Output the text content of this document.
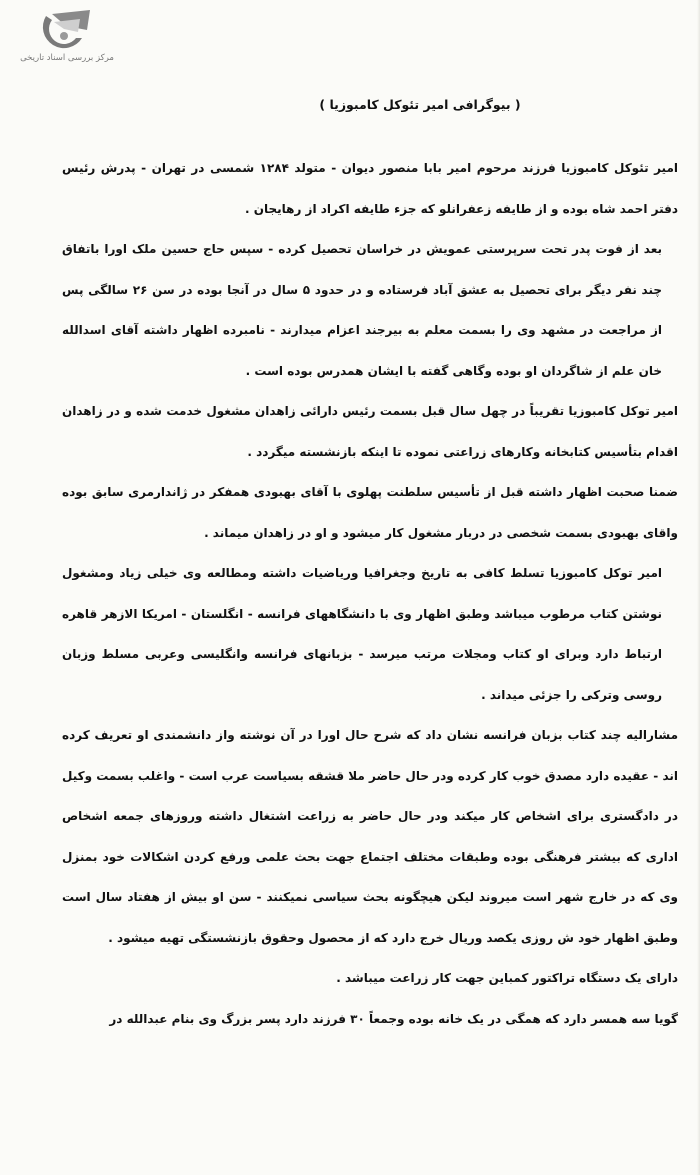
مرکز بررسی اسناد تاریخی
( بیوگرافی امیر تئوکل کامبوزیا )

امیر تئوکل کامبوزیا فرزند مرحوم امیر بابا منصور دیوان - متولد ۱۲۸۴ شمسی در تهران - پدرش رئیس دفتر احمد شاه بوده و از طایفه زعفرانلو که جزء طایفه اکراد از رهایجان .

بعد از فوت پدر تحت سرپرستی عمویش در خراسان تحصیل کرده - سپس حاج حسین ملک اورا باتفاق چند نفر دیگر برای تحصیل به عشق آباد فرستاده و در حدود ۵ سال در آنجا بوده در سن ۲۶ سالگی پس از مراجعت در مشهد وی را بسمت معلم به بیرجند اعزام میدارند - نامبرده اظهار داشته آقای اسدالله خان علم از شاگردان او بوده وگاهی گفته با ایشان همدرس بوده است .

امیر توکل کامبوزیا تقریباً در چهل سال قبل بسمت رئیس دارائی زاهدان مشغول خدمت شده و در زاهدان اقدام بتأسیس کتابخانه وکارهای زراعتی نموده تا اینکه بازنشسته میگردد .

ضمنا صحبت اظهار داشته قبل از تأسیس سلطنت پهلوی با آقای بهبودی همفکر در ژاندارمری سابق بوده واقای بهبودی بسمت شخصی در دربار مشغول کار میشود و او در زاهدان میماند .

امیر توکل کامبوزیا تسلط کافی به تاریخ وجغرافیا وریاضیات داشته ومطالعه وی خیلی زیاد ومشغول نوشتن کتاب مرطوب میباشد وطبق اظهار وی با دانشگاههای فرانسه - انگلستان - امریکا الازهر قاهره ارتباط دارد وبرای او کتاب ومجلات مرتب میرسد - بزبانهای فرانسه وانگلیسی وعربی مسلط وزبان روسی وترکی را جزئی میداند .

مشارالیه چند کتاب بزبان فرانسه نشان داد که شرح حال اورا در آن نوشته واز دانشمندی او تعریف کرده اند - عقیده دارد مصدق خوب کار کرده ودر حال حاضر ملا قشقه بسیاست عرب است - واغلب بسمت وکیل در دادگستری برای اشخاص کار میکند ودر حال حاضر به زراعت اشتغال داشته وروزهای جمعه اشخاص اداری که بیشتر فرهنگی بوده وطبقات مختلف اجتماع جهت بحث علمی ورفع کردن اشکالات خود بمنزل وی که در خارج شهر است میروند لیکن هیچگونه بحث سیاسی نمیکنند - سن او بیش از هفتاد سال است وطبق اظهار خود ش روزی یکصد وریال خرج دارد که از محصول وحقوق بازنشستگی تهیه میشود .

دارای یک دستگاه تراکتور کمباین جهت کار زراعت میباشد .

گویا سه همسر دارد که همگی در یک خانه بوده وجمعاً ۳۰ فرزند دارد پسر بزرگ وی بنام عبدالله در
